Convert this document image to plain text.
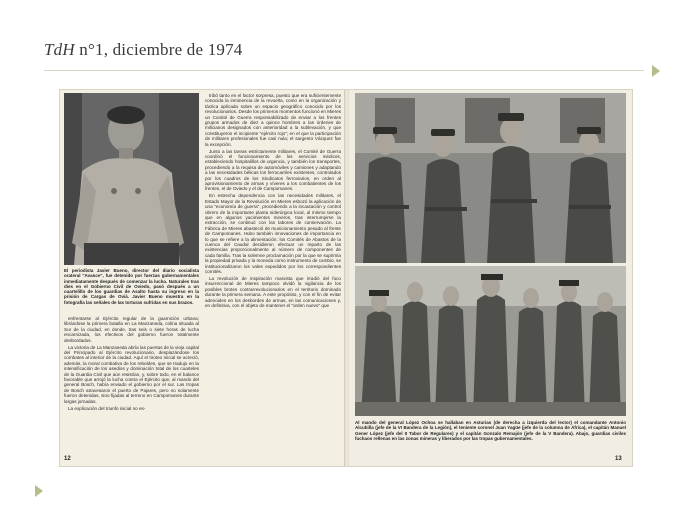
TdH n°1, diciembre de 1974
El periodista Javier Bueno, director del diario socialista orateral "Avance", fue detenido por fuerzas gubernamentales inmediatamente después de comenzar la lucha. Naturales tras dies en el Gobierno Civil de Oviedo, pasó después a un cuartelillo de los guardias de Asalto hasta su ingreso en la prisión de Cargas de Oviá. Javier Bueno muestra en la fotografía las señales de las torturas sufridas en sus brazos.

enfrentarse al Ejército regular de la guarnición urbana; librándose la primera batalla en La Manzaneda, colina situada al Sur de la ciudad, en donde, tras seis o siete horas de lucha encarnizada, los efectivos del gobierno fueron totalmente desbordados.

La victoria de La Manzaneda abría las puertas de la vieja capital del Principado al Ejército revolucionario, desplazándose los combates al interior de la ciudad. Aquí el tiroteo inicial se acreció, además, la moral combativa de los rebeldes, que se tradujo en la intensificación de los asedios y dominación total de los cuarteles de la Guardia Civil que aún resistían, y, sobre todo, en el balance favorable que arrojó la lucha contra el Ejército que, al mando del general Bosch, había enviado el gobierno por el sur. Las tropas de Bosch atravesaron el puerto de Pajares, pero no solamente fueron detenidas, sino fijadas al terreno en Campomanes durante largas jornadas.

La explicación del triunfo inicial no es-

tribó tanto en el factor sorpresa, puesto que era suficientemente conocida la inminencia de la revuelta, como en la organización y táctica aplicada sobre un espacio geográfico conocido por los revolucionarios. Desde los primeros momentos funcionó en Mieres un Comité de Guerra responsabilizado de enviar a los frentes grupos armados de diez a quince hombres a las órdenes de milicianos designados con anterioridad a la sublevación, y que constituyeron el incipiente "ejército rojo"; en el que la participación de militares profesionales fue casi nula; el sargento Vázquez fue la excepción.

Junto a las tareas estrictamente militares, el Comité de Guerra coordinó el funcionamiento de los servicios médicos, estableciendo hospitalillos de urgencia, y también los transportes, procediendo a la requisa de automóviles y camiones y adaptando a las necesidades bélicas los ferrocarriles existentes, controlados por los cuadros de los Sindicatos ferroviarios, en orden al aprovisionamiento de armas y víveres a los combatientes de los frentes, el de Oviedo y el de Campomanes.

En estrecha dependencia con las necesidades militares, el Estado Mayor de la Revolución en Mieres esbozó la aplicación de una "economía de guerra", procediendo a la incautación y control obrero de la importante planta siderúrgica local, al mismo tiempo que en algunos yacimientos mineros, tras interrumpirse la extracción, se continuó con las labores de conservación. La Fábrica de Mieres abasteció de municionamiento pesado al frente de Campomanes. Hubo también innovaciones de importancia en lo que se refiere a la alimentación: los Comités de Abastos de la cuenca del Caudal decidieron efectuar un reparto de las existencias proporcionalmente al número de componentes de cada familia. Tras la solemne proclamación por la que se suprimía la propiedad privada y la moneda como instrumento de cambio, se institucionalizaron los vales expedidos por los correspondientes comités.

La revolución de inspiración marxista que irradió del foco insurreccional de Mieres tampoco olvidó la vigilancia de los posibles brotes contrarrevolucionarios en el territorio dominado durante la primera semana. A este propósito, y con el fin de evitar adenoides en los desbordes de armas, en las comunicaciones y, en definitiva, con el objeto de mantener el "orden nuevo" que

12
Al mando del general López Ochoa se hallaban en Asturias (de derecha a izquierda del lector) el comandante Antonio Alcubilla (jefe de la VI Bandera de la Legión), el teniente coronel Juan Yagüe (jefe de la columna de África), el capitán Manuel Gener López (jefe del II Tabor de Regulares) y el capitán Gonzalo Remajón (jefe de la V Bandera). Abajo, guardias civiles fuchaos rellenas en las zonas mineras y liberados por las tropas gubernamentales.
13
